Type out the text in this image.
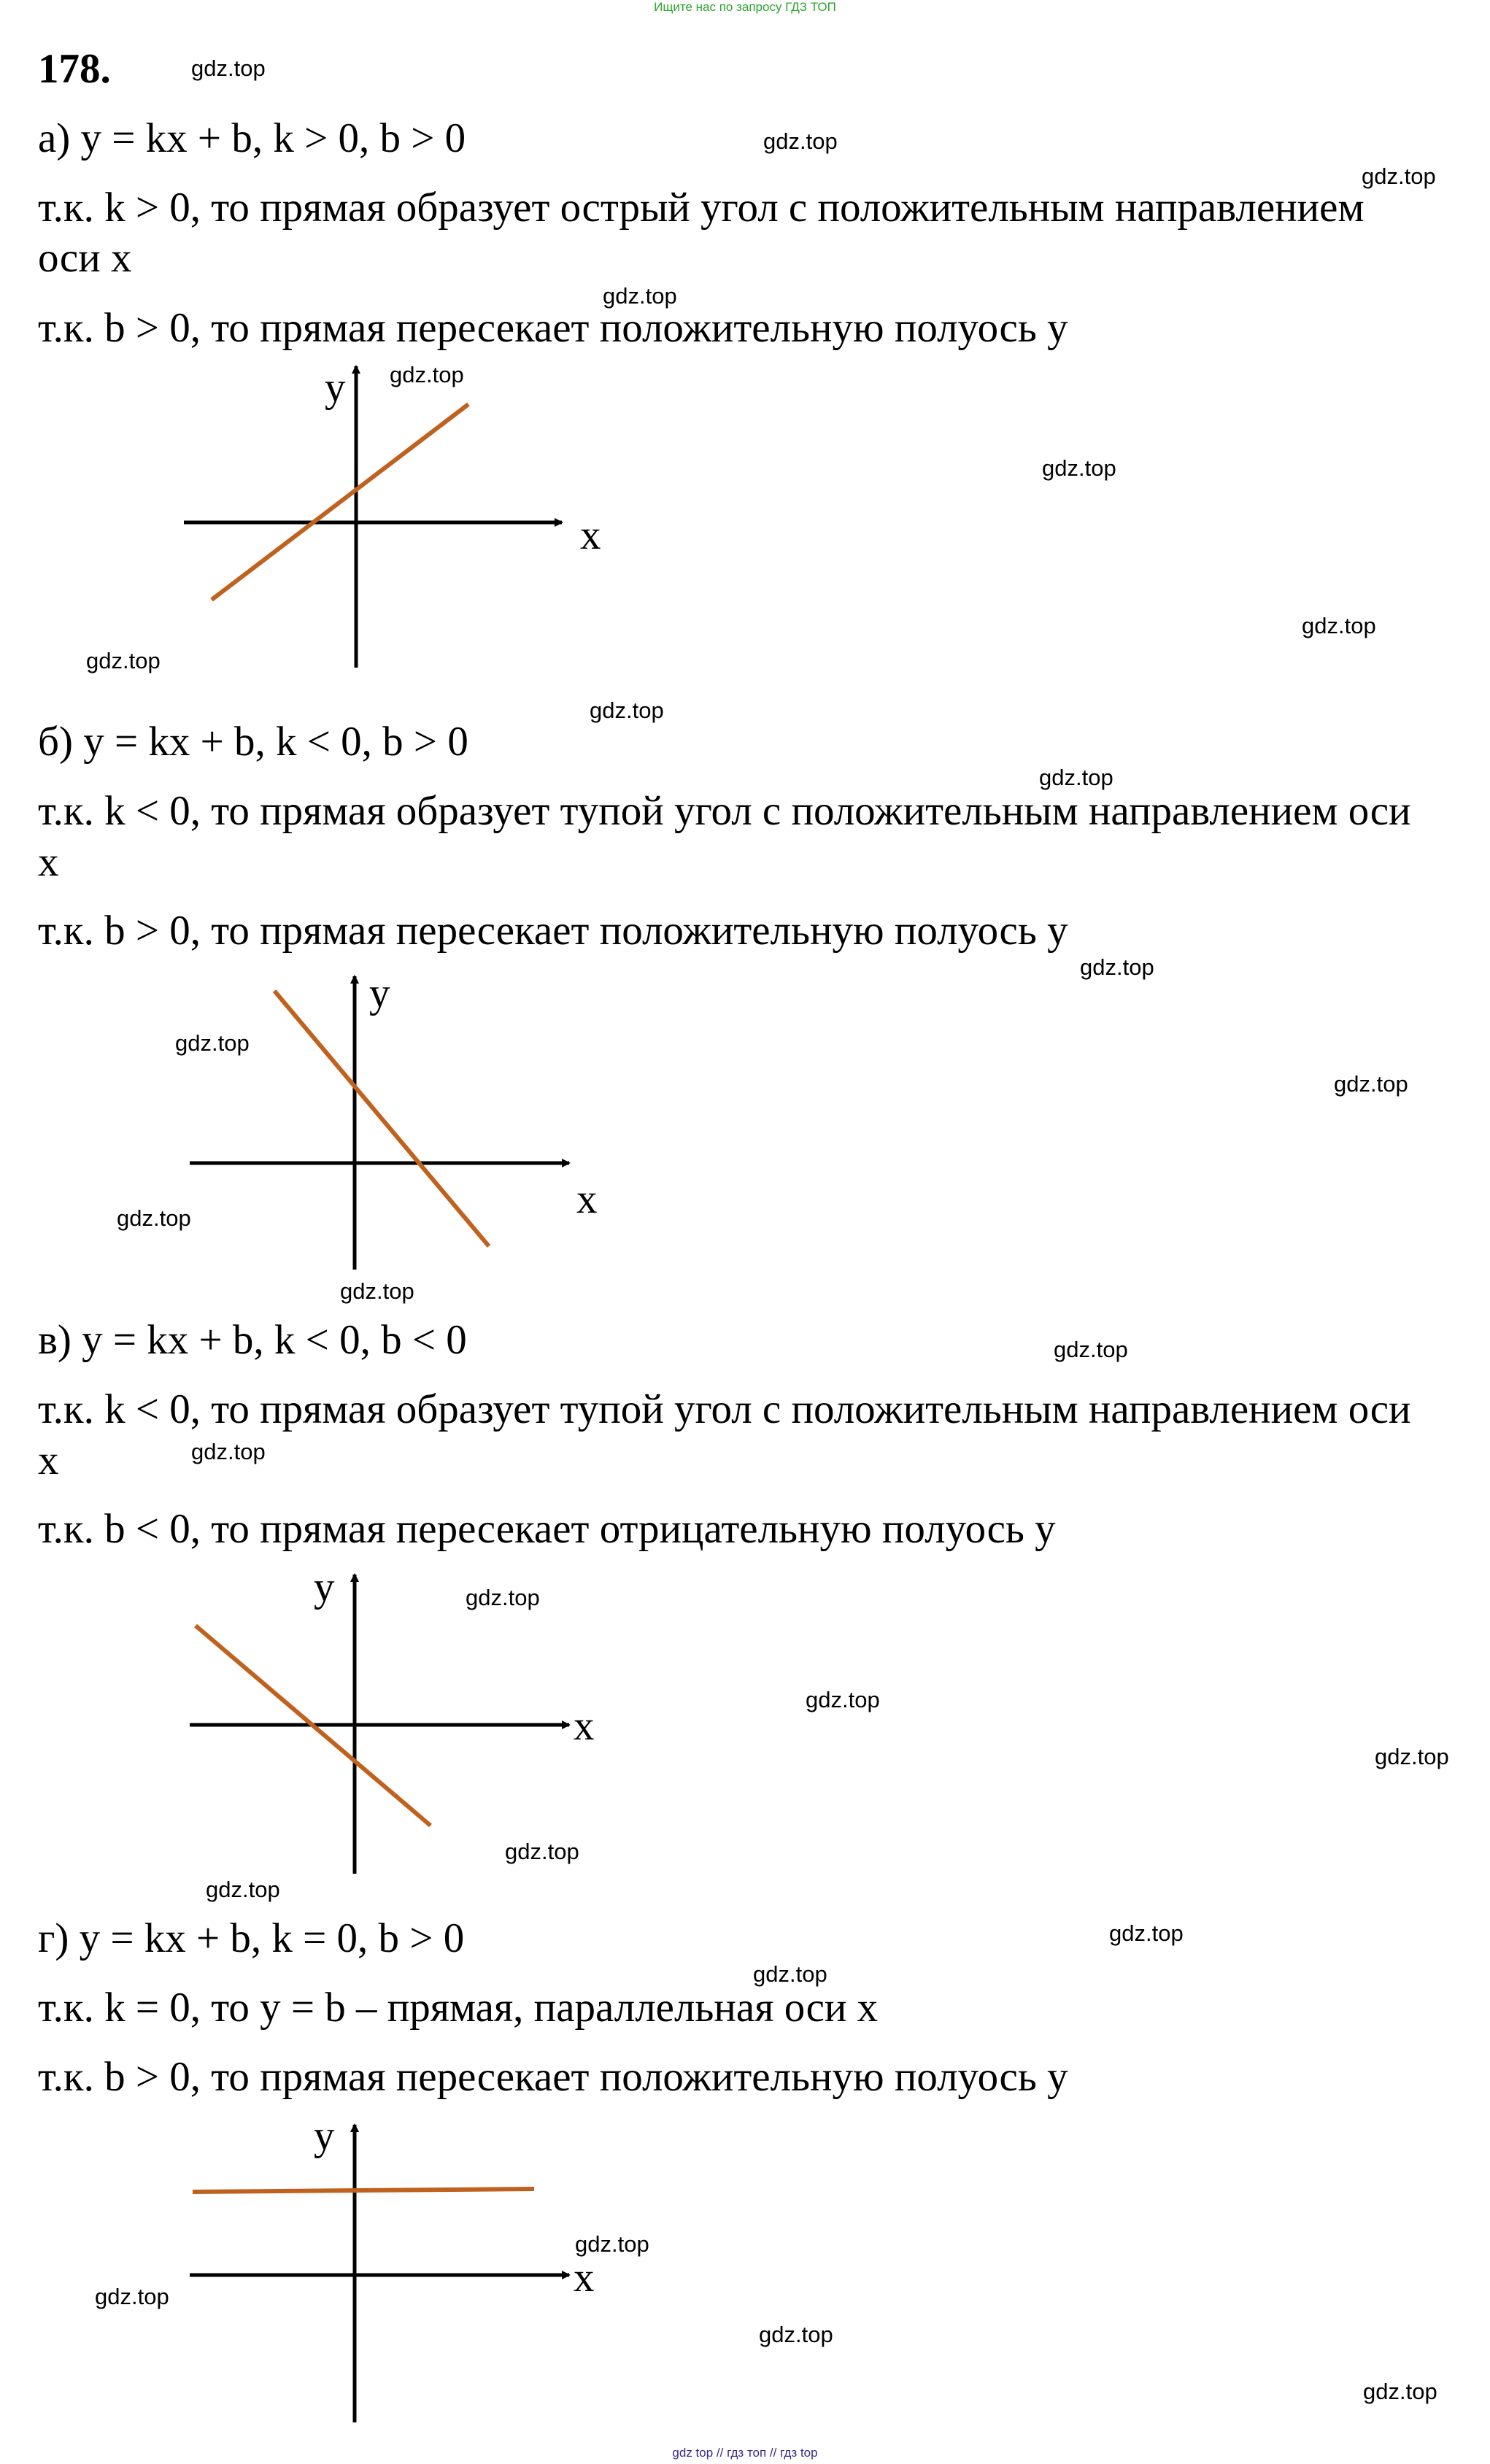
Ищите нас по запросу ГДЗ ТОП
178.
а) y = kx + b, k > 0, b > 0
т.к. k > 0, то прямая образует острый угол с положительным направлением
оси x
т.к. b > 0, то прямая пересекает положительную полуось y
x
y
б) y = kx + b, k < 0, b > 0
т.к. k < 0, то прямая образует тупой угол с положительным направлением оси
x
т.к. b > 0, то прямая пересекает положительную полуось y
x
y
в) y = kx + b, k < 0, b < 0
т.к. k < 0, то прямая образует тупой угол с положительным направлением оси
x
т.к. b < 0, то прямая пересекает отрицательную полуось y
x
y
г) y = kx + b, k = 0, b > 0
т.к. k = 0, то y = b – прямая, параллельная оси x
т.к. b > 0, то прямая пересекает положительную полуось y
x
y
gdz.top
gdz.top
gdz.top
gdz.top
gdz.top
gdz.top
gdz.top
gdz.top
gdz.top
gdz.top
gdz.top
gdz.top
gdz.top
gdz.top
gdz.top
gdz.top
gdz.top
gdz.top
gdz.top
gdz.top
gdz.top
gdz.top
gdz.top
gdz.top
gdz.top
gdz.top
gdz.top
gdz.top
gdz top // гдз топ // гдз top
